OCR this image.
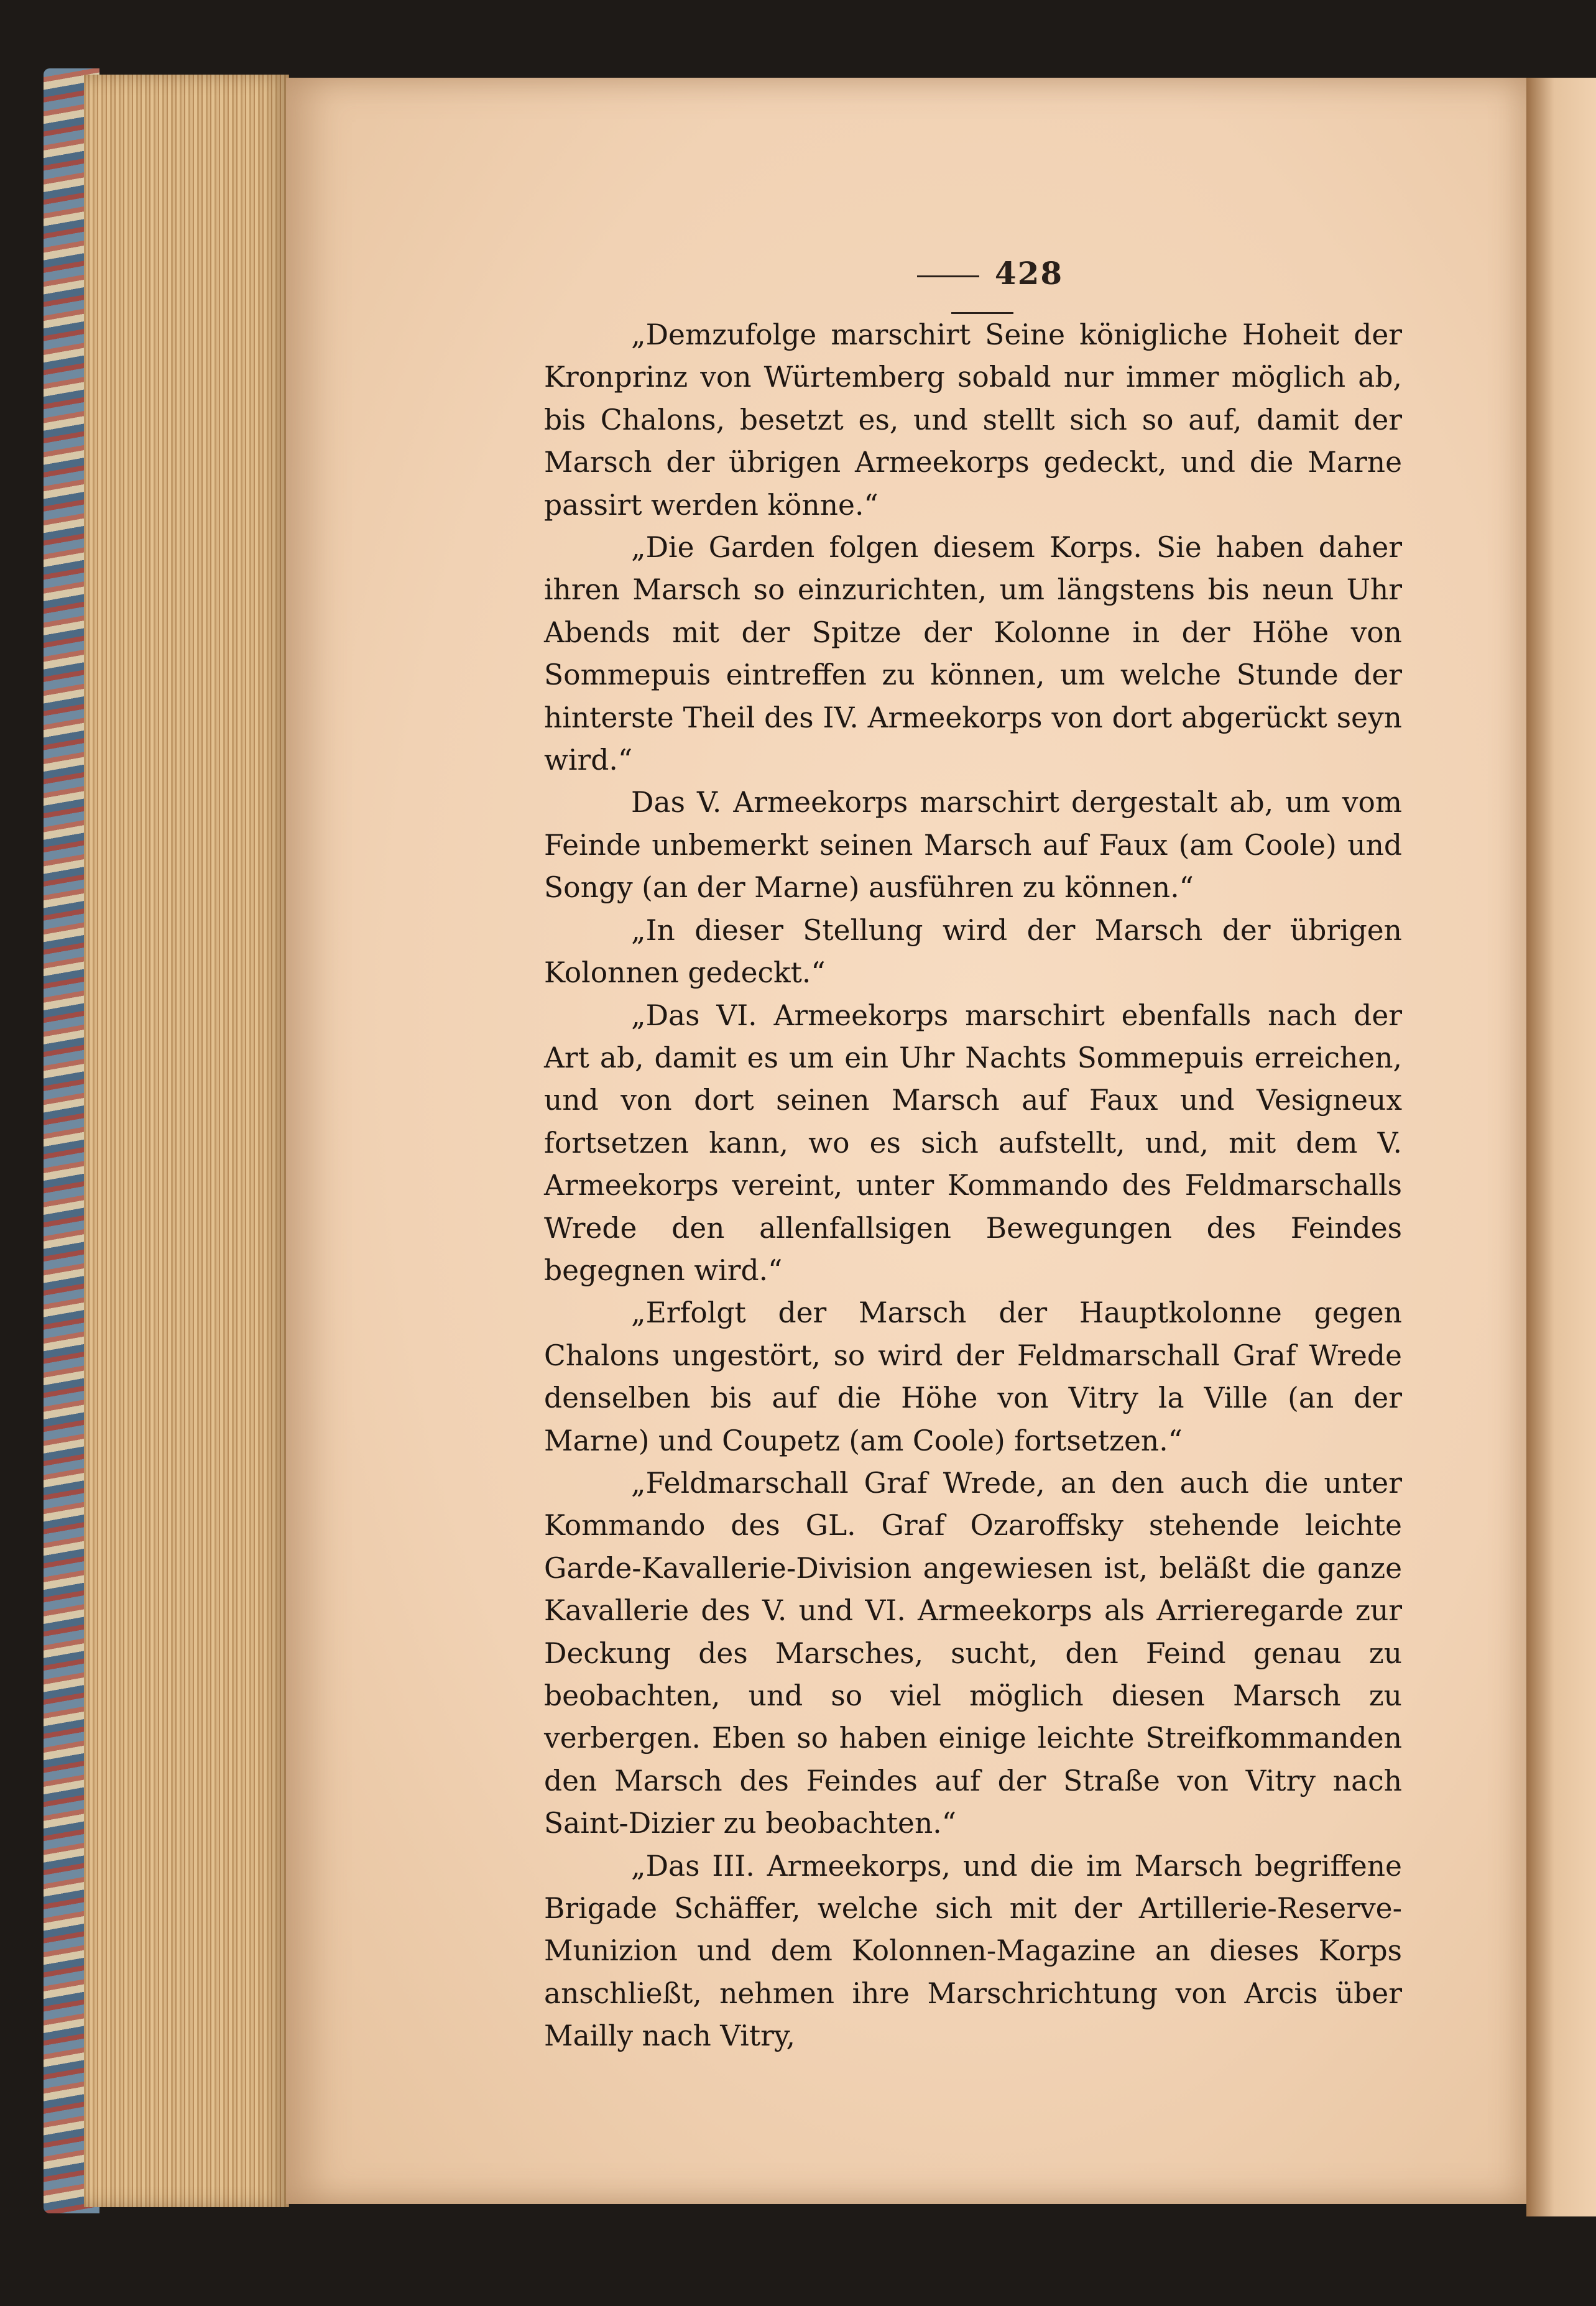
428

„Demzufolge marschirt Seine königliche Hoheit der Kronprinz von Würtemberg sobald nur immer möglich ab, bis Chalons, besetzt es, und stellt sich so auf, damit der Marsch der übrigen Armeekorps gedeckt, und die Marne passirt werden könne.“

„Die Garden folgen diesem Korps. Sie haben daher ihren Marsch so einzurichten, um längstens bis neun Uhr Abends mit der Spitze der Kolonne in der Höhe von Sommepuis eintreffen zu können, um welche Stunde der hinterste Theil des IV. Armeekorps von dort abgerückt seyn wird.“

Das V. Armeekorps marschirt dergestalt ab, um vom Feinde unbemerkt seinen Marsch auf Faux (am Coole) und Songy (an der Marne) ausführen zu können.“

„In dieser Stellung wird der Marsch der übrigen Kolonnen gedeckt.“

„Das VI. Armeekorps marschirt ebenfalls nach der Art ab, damit es um ein Uhr Nachts Sommepuis erreichen, und von dort seinen Marsch auf Faux und Vesigneux fortsetzen kann, wo es sich aufstellt, und, mit dem V. Armeekorps vereint, unter Kommando des Feldmarschalls Wrede den allenfallsigen Bewegungen des Feindes begegnen wird.“

„Erfolgt der Marsch der Hauptkolonne gegen Chalons ungestört, so wird der Feldmarschall Graf Wrede denselben bis auf die Höhe von Vitry la Ville (an der Marne) und Coupetz (am Coole) fortsetzen.“

„Feldmarschall Graf Wrede, an den auch die unter Kommando des GL. Graf Ozaroffsky stehende leichte Garde-Kavallerie-Division angewiesen ist, beläßt die ganze Kavallerie des V. und VI. Armeekorps als Arrieregarde zur Deckung des Marsches, sucht, den Feind genau zu beobachten, und so viel möglich diesen Marsch zu verbergen. Eben so haben einige leichte Streifkommanden den Marsch des Feindes auf der Straße von Vitry nach Saint-Dizier zu beobachten.“

„Das III. Armeekorps, und die im Marsch begriffene Brigade Schäffer, welche sich mit der Artillerie-Reserve-Munizion und dem Kolonnen-Magazine an dieses Korps anschließt, nehmen ihre Marschrichtung von Arcis über Mailly nach Vitry,
